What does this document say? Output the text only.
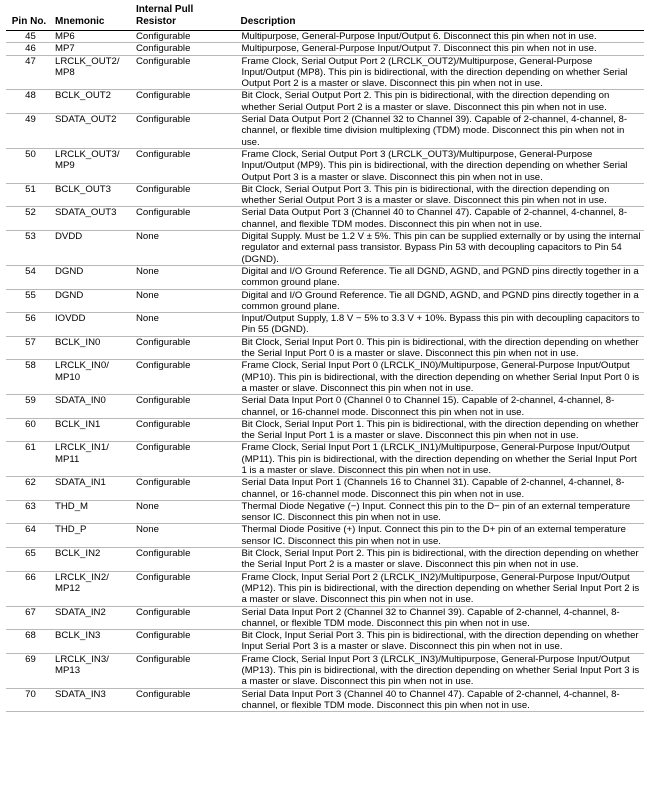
Pin No.	Mnemonic	Internal Pull Resistor	Description
45	MP6	Configurable	Multipurpose, General-Purpose Input/Output 6. Disconnect this pin when not in use.
46	MP7	Configurable	Multipurpose, General-Purpose Input/Output 7. Disconnect this pin when not in use.
47	LRCLK_OUT2/ MP8	Configurable	Frame Clock, Serial Output Port 2 (LRCLK_OUT2)/Multipurpose, General-Purpose Input/Output (MP8). This pin is bidirectional, with the direction depending on whether Serial Output Port 2 is a master or slave. Disconnect this pin when not in use.
48	BCLK_OUT2	Configurable	Bit Clock, Serial Output Port 2. This pin is bidirectional, with the direction depending on whether Serial Output Port 2 is a master or slave. Disconnect this pin when not in use.
49	SDATA_OUT2	Configurable	Serial Data Output Port 2 (Channel 32 to Channel 39). Capable of 2-channel, 4-channel, 8-channel, or flexible time division multiplexing (TDM) mode. Disconnect this pin when not in use.
50	LRCLK_OUT3/ MP9	Configurable	Frame Clock, Serial Output Port 3 (LRCLK_OUT3)/Multipurpose, General-Purpose Input/Output (MP9). This pin is bidirectional, with the direction depending on whether Serial Output Port 3 is a master or slave. Disconnect this pin when not in use.
51	BCLK_OUT3	Configurable	Bit Clock, Serial Output Port 3. This pin is bidirectional, with the direction depending on whether Serial Output Port 3 is a master or slave. Disconnect this pin when not in use.
52	SDATA_OUT3	Configurable	Serial Data Output Port 3 (Channel 40 to Channel 47). Capable of 2-channel, 4-channel, 8-channel, and flexible TDM modes. Disconnect this pin when not in use.
53	DVDD	None	Digital Supply. Must be 1.2 V ± 5%. This pin can be supplied externally or by using the internal regulator and external pass transistor. Bypass Pin 53 with decoupling capacitors to Pin 54 (DGND).
54	DGND	None	Digital and I/O Ground Reference. Tie all DGND, AGND, and PGND pins directly together in a common ground plane.
55	DGND	None	Digital and I/O Ground Reference. Tie all DGND, AGND, and PGND pins directly together in a common ground plane.
56	IOVDD	None	Input/Output Supply, 1.8 V − 5% to 3.3 V + 10%. Bypass this pin with decoupling capacitors to Pin 55 (DGND).
57	BCLK_IN0	Configurable	Bit Clock, Serial Input Port 0. This pin is bidirectional, with the direction depending on whether the Serial Input Port 0 is a master or slave. Disconnect this pin when not in use.
58	LRCLK_IN0/ MP10	Configurable	Frame Clock, Serial Input Port 0 (LRCLK_IN0)/Multipurpose, General-Purpose Input/Output (MP10). This pin is bidirectional, with the direction depending on whether Serial Input Port 0 is a master or slave. Disconnect this pin when not in use.
59	SDATA_IN0	Configurable	Serial Data Input Port 0 (Channel 0 to Channel 15). Capable of 2-channel, 4-channel, 8-channel, or 16-channel mode. Disconnect this pin when not in use.
60	BCLK_IN1	Configurable	Bit Clock, Serial Input Port 1. This pin is bidirectional, with the direction depending on whether the Serial Input Port 1 is a master or slave. Disconnect this pin when not in use.
61	LRCLK_IN1/ MP11	Configurable	Frame Clock, Serial Input Port 1 (LRCLK_IN1)/Multipurpose, General-Purpose Input/Output (MP11). This pin is bidirectional, with the direction depending on whether the Serial Input Port 1 is a master or slave. Disconnect this pin when not in use.
62	SDATA_IN1	Configurable	Serial Data Input Port 1 (Channels 16 to Channel 31). Capable of 2-channel, 4-channel, 8-channel, or 16-channel mode. Disconnect this pin when not in use.
63	THD_M	None	Thermal Diode Negative (−) Input. Connect this pin to the D− pin of an external temperature sensor IC. Disconnect this pin when not in use.
64	THD_P	None	Thermal Diode Positive (+) Input. Connect this pin to the D+ pin of an external temperature sensor IC. Disconnect this pin when not in use.
65	BCLK_IN2	Configurable	Bit Clock, Serial Input Port 2. This pin is bidirectional, with the direction depending on whether the Serial Input Port 2 is a master or slave. Disconnect this pin when not in use.
66	LRCLK_IN2/ MP12	Configurable	Frame Clock, Input Serial Port 2 (LRCLK_IN2)/Multipurpose, General-Purpose Input/Output (MP12). This pin is bidirectional, with the direction depending on whether Serial Input Port 2 is a master or slave. Disconnect this pin when not in use.
67	SDATA_IN2	Configurable	Serial Data Input Port 2 (Channel 32 to Channel 39). Capable of 2-channel, 4-channel, 8-channel, or flexible TDM mode. Disconnect this pin when not in use.
68	BCLK_IN3	Configurable	Bit Clock, Input Serial Port 3. This pin is bidirectional, with the direction depending on whether Input Serial Port 3 is a master or slave. Disconnect this pin when not in use.
69	LRCLK_IN3/ MP13	Configurable	Frame Clock, Serial Input Port 3 (LRCLK_IN3)/Multipurpose, General-Purpose Input/Output (MP13). This pin is bidirectional, with the direction depending on whether Serial Input Port 3 is a master or slave. Disconnect this pin when not in use.
70	SDATA_IN3	Configurable	Serial Data Input Port 3 (Channel 40 to Channel 47). Capable of 2-channel, 4-channel, 8-channel, or flexible TDM mode. Disconnect this pin when not in use.
